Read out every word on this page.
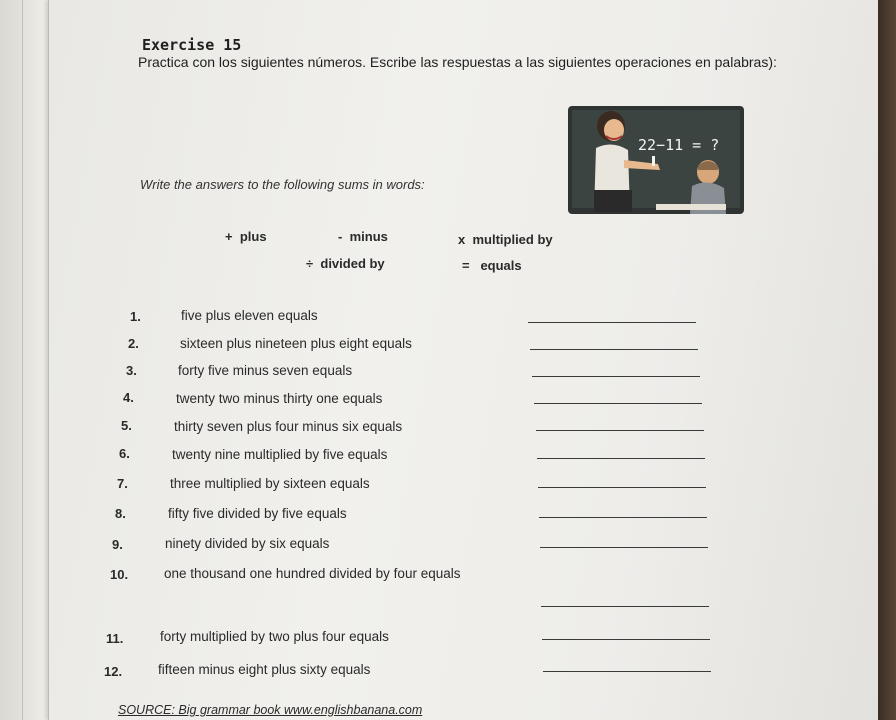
Exercise 15
Practica con los siguientes números. Escribe las respuestas a las siguientes operaciones en palabras):
Write the answers to the following sums in words:
22−11 = ?
+ plus	- minus	x multiplied by
÷ divided by	= equals
1.	five plus eleven equals
2.	sixteen plus nineteen plus eight equals
3.	forty five minus seven equals
4.	twenty two minus thirty one equals
5.	thirty seven plus four minus six equals
6.	twenty nine multiplied by five equals
7.	three multiplied by sixteen equals
8.	fifty five divided by five equals
9.	ninety divided by six equals
10.	one thousand one hundred divided by four equals
11.	forty multiplied by two plus four equals
12.	fifteen minus eight plus sixty equals
SOURCE: Big grammar book www.englishbanana.com
